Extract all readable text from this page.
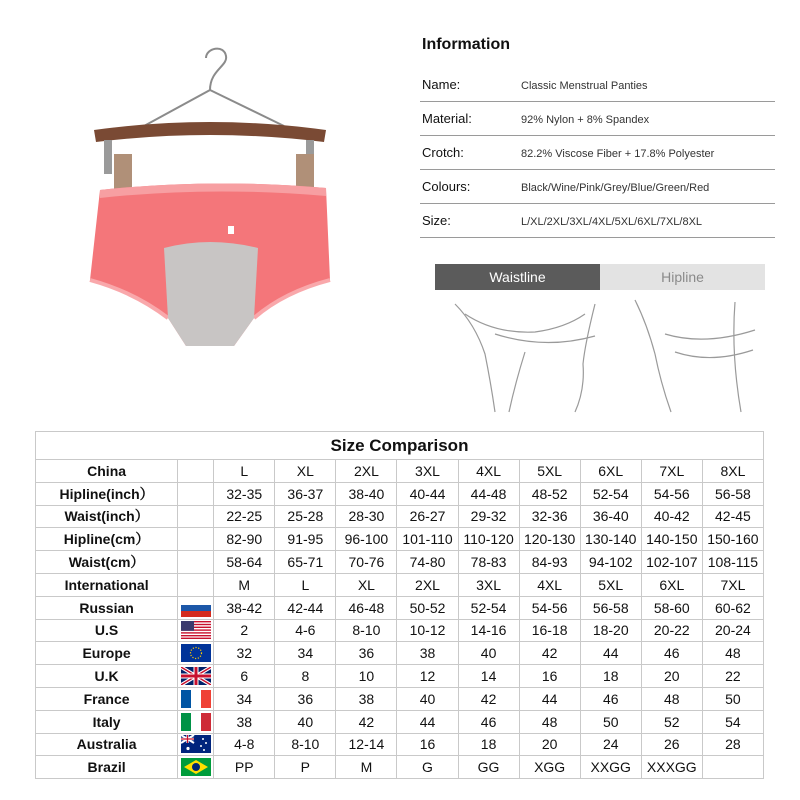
Information
Name:	Classic Menstrual Panties
Material:	92% Nylon + 8% Spandex
Crotch:	82.2% Viscose Fiber + 17.8% Polyester
Colours:	Black/Wine/Pink/Grey/Blue/Green/Red
Size:	L/XL/2XL/3XL/4XL/5XL/6XL/7XL/8XL
Waistline	Hipline
Size Comparison										
China		L	XL	2XL	3XL	4XL	5XL	6XL	7XL	8XL
Hipline(inch）		32-35	36-37	38-40	40-44	44-48	48-52	52-54	54-56	56-58
Waist(inch）		22-25	25-28	28-30	26-27	29-32	32-36	36-40	40-42	42-45
Hipline(cm）		82-90	91-95	96-100	101-110	110-120	120-130	130-140	140-150	150-160
Waist(cm）		58-64	65-71	70-76	74-80	78-83	84-93	94-102	102-107	108-115
International		M	L	XL	2XL	3XL	4XL	5XL	6XL	7XL
Russian		38-42	42-44	46-48	50-52	52-54	54-56	56-58	58-60	60-62
U.S		2	4-6	8-10	10-12	14-16	16-18	18-20	20-22	20-24
Europe		32	34	36	38	40	42	44	46	48
U.K		6	8	10	12	14	16	18	20	22
France		34	36	38	40	42	44	46	48	50
Italy		38	40	42	44	46	48	50	52	54
Australia		4-8	8-10	12-14	16	18	20	24	26	28
Brazil		PP	P	M	G	GG	XGG	XXGG	XXXGG	
